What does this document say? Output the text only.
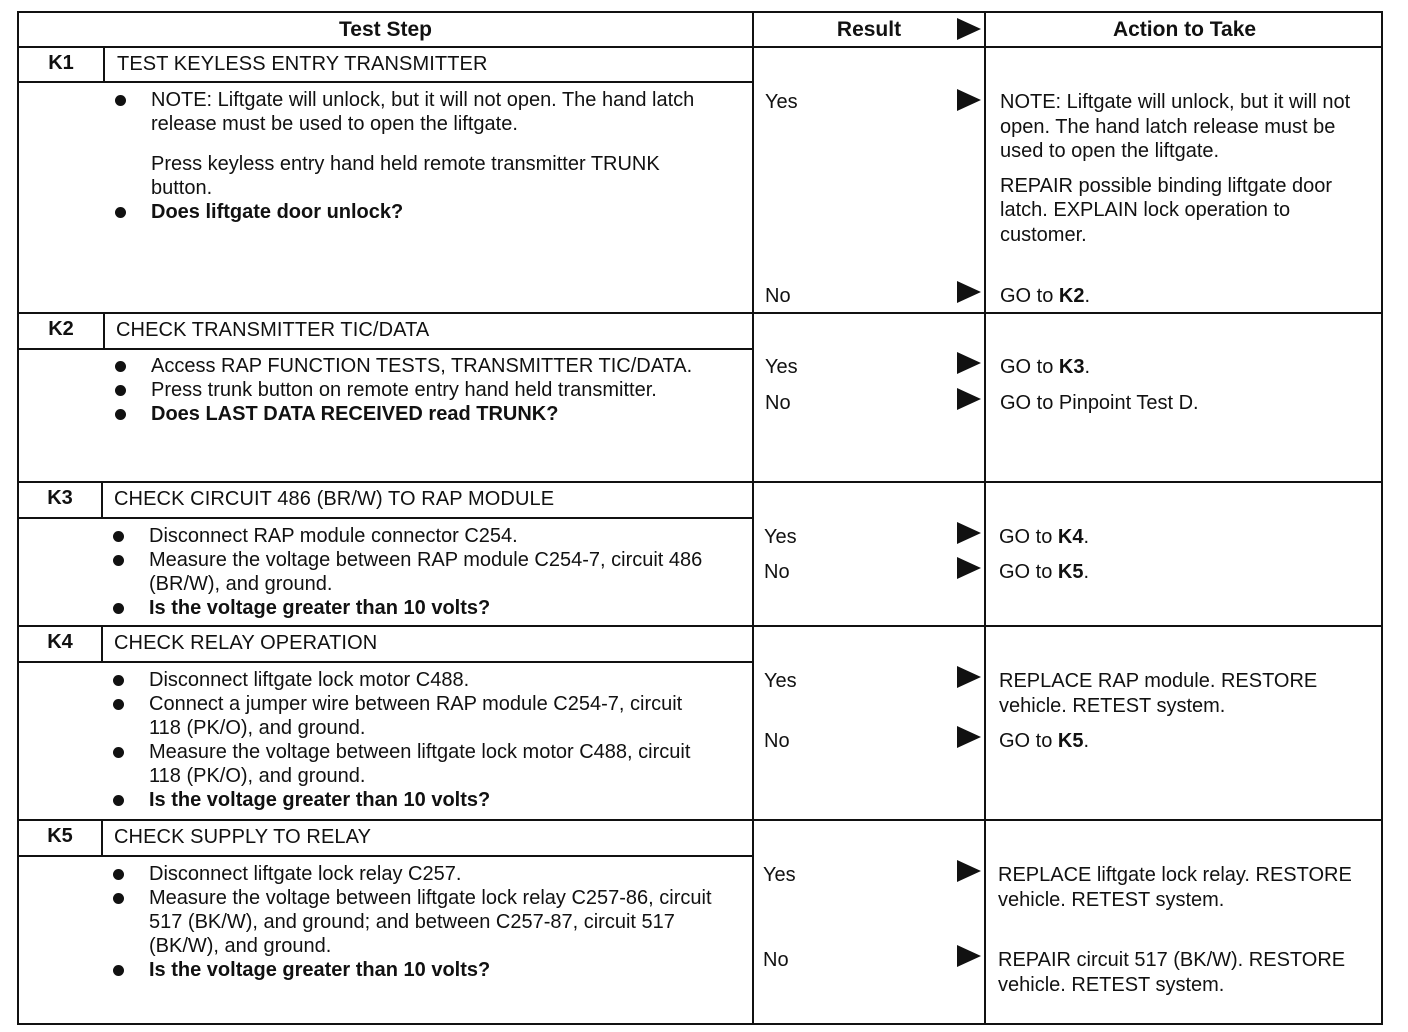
Test Step	Result	Action to Take
K1	TEST KEYLESS ENTRY TRANSMITTER
NOTE: Liftgate will unlock, but it will not open. The hand latch release must be used to open the liftgate.
Press keyless entry hand held remote transmitter TRUNK button.
Does liftgate door unlock?
Yes	NOTE: Liftgate will unlock, but it will not open. The hand latch release must be used to open the liftgate.
REPAIR possible binding liftgate door latch. EXPLAIN lock operation to customer.
No	GO to K2.
K2	CHECK TRANSMITTER TIC/DATA
Access RAP FUNCTION TESTS, TRANSMITTER TIC/DATA.
Press trunk button on remote entry hand held transmitter.
Does LAST DATA RECEIVED read TRUNK?
Yes	GO to K3.
No	GO to Pinpoint Test D.
K3	CHECK CIRCUIT 486 (BR/W) TO RAP MODULE
Disconnect RAP module connector C254.
Measure the voltage between RAP module C254-7, circuit 486 (BR/W), and ground.
Is the voltage greater than 10 volts?
Yes	GO to K4.
No	GO to K5.
K4	CHECK RELAY OPERATION
Disconnect liftgate lock motor C488.
Connect a jumper wire between RAP module C254-7, circuit 118 (PK/O), and ground.
Measure the voltage between liftgate lock motor C488, circuit 118 (PK/O), and ground.
Is the voltage greater than 10 volts?
Yes	REPLACE RAP module. RESTORE vehicle. RETEST system.
No	GO to K5.
K5	CHECK SUPPLY TO RELAY
Disconnect liftgate lock relay C257.
Measure the voltage between liftgate lock relay C257-86, circuit 517 (BK/W), and ground; and between C257-87, circuit 517 (BK/W), and ground.
Is the voltage greater than 10 volts?
Yes	REPLACE liftgate lock relay. RESTORE vehicle. RETEST system.
No	REPAIR circuit 517 (BK/W). RESTORE vehicle. RETEST system.
